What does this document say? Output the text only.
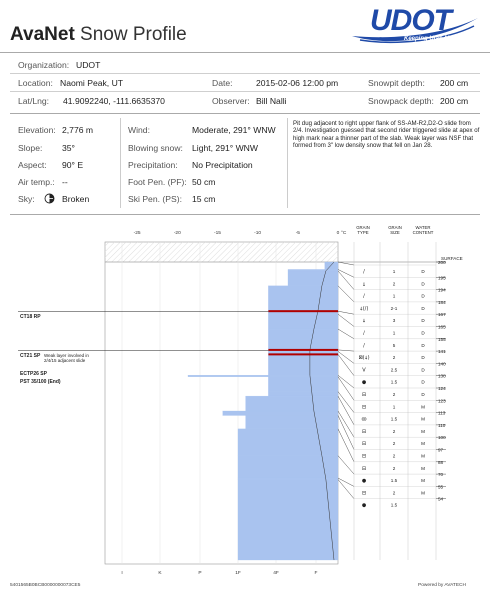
AvaNet Snow Profile	UDOT
Keeping Utah Moving
Organization: UDOT
Location: Naomi Peak, UT	Date:	2015-02-06 12:00 pm	Snowpit depth: 200 cm
Lat/Lng: 41.9092240, -111.6635370	Observer: Bill Nalli	Snowpack depth: 200 cm
Elevation: 2,776 m
Slope: 35°
Aspect: 90° E
Air temp.: --
Sky:	Broken
Wind:	Moderate, 291° WNW
Blowing snow: Light, 291° WNW
Precipitation: No Precipitation
Foot Pen. (PF): 50 cm
Ski Pen. (PS): 15 cm
Pit dug adjacent to right upper flank of SS-AM-R2,D2-O slide from 2/4. Investigation guessed that second rider triggered slide at apex of high mark near a thinner part of the slab. Weak layer was NSF that formed from 3" low density snow that fell on Jan 28.
CT18 RP
CT21 SP Weak layer involved in 2/4/15 adjacent slide
ECTP26 SP
PST 35/100 (End)
GRAIN TYPE
GRAIN SIZE
WATER CONTENT
-25	-20	-15	-10	-5	0 °C
I	K	P	1F	4F	F
/	1	D
⍋	2	D
/	1	D
⍋(/)	2-1	D
⍋	3	D
/	1	D
/	5	D
⊠(⍋)	2	D
V	2.5	D
●	1.5	D
⊟	2	D
⊟	1	M
ꝏ	1.5	M
⊟	2	M
⊟	2	M
⊟	2	M
⊟	2	M
●	1.5	M
⊟	2	M
●	1.5
200
195
194
184
167
165
155
141
140
138
124
123
113
110
100
97
88
70
55
54
SURFACE
5401565B0BCB0000000073CE5	Powered by AVATECH
